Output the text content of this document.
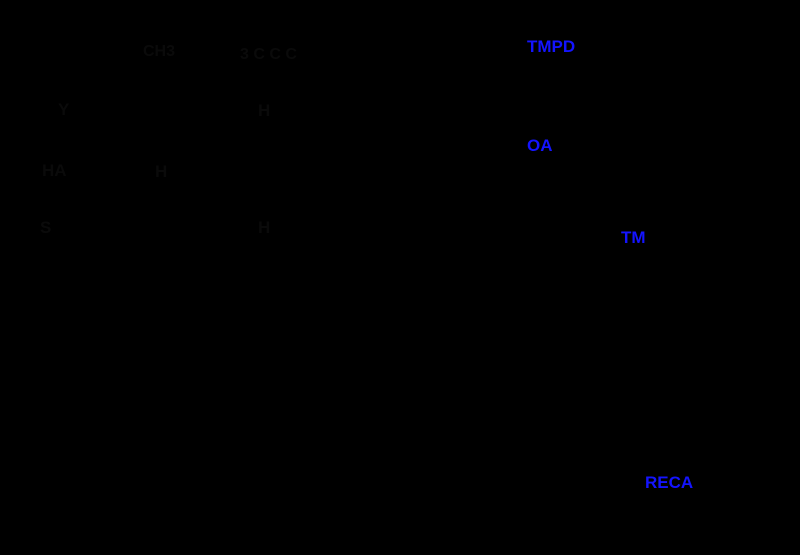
CH3	3 C C C
Y	H
HA	H
S	H
TMPD
OA
TM
RECA
